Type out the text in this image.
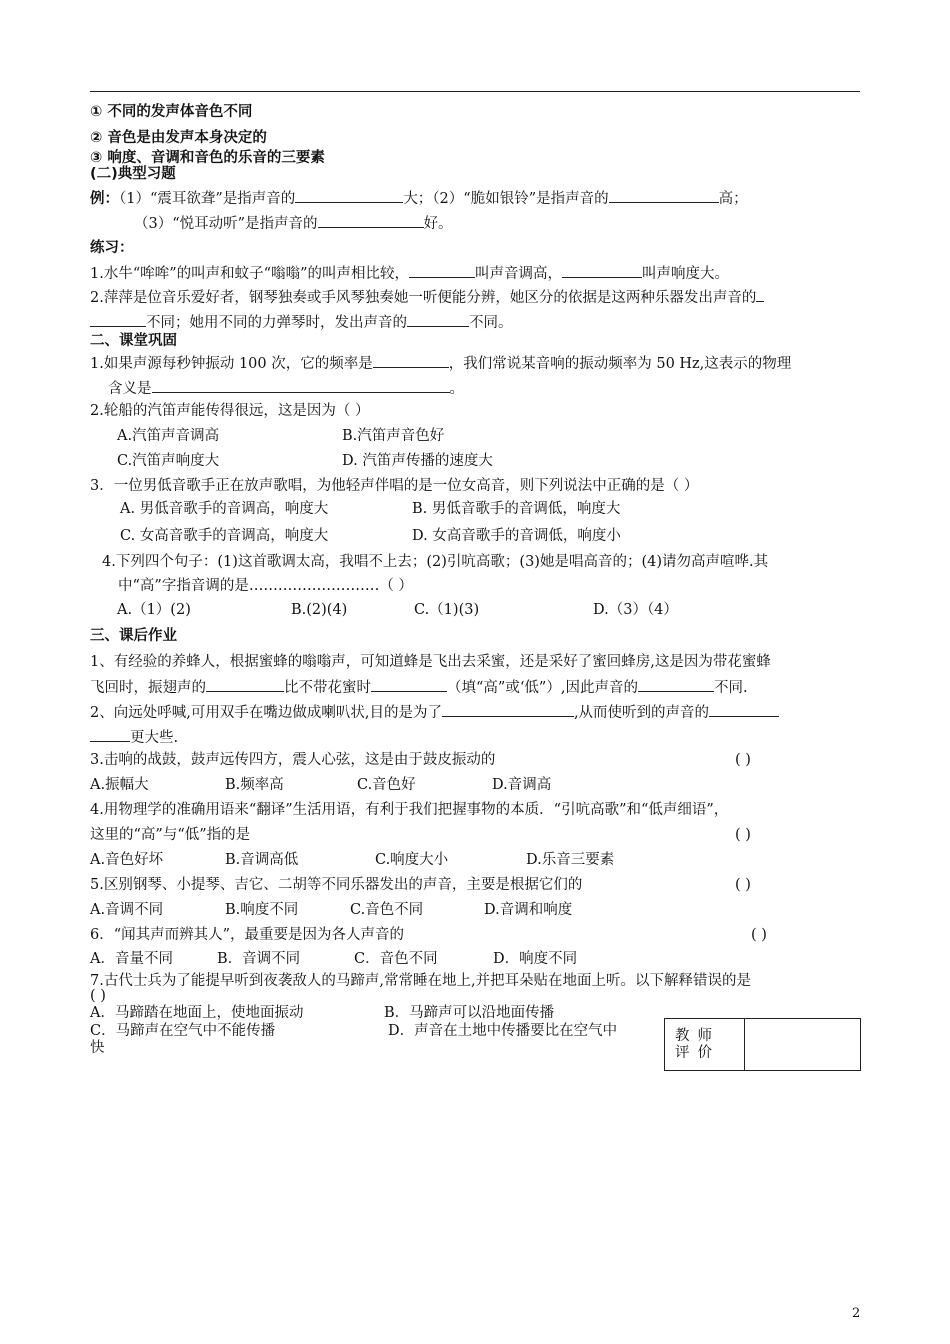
① 不同的发声体音色不同
② 音色是由发声本身决定的
③ 响度、音调和音色的乐音的三要素
(二)典型习题
例：（1）“震耳欲聋”是指声音的	大；（2）“脆如银铃”是指声音的	高；
（3）“悦耳动听”是指声音的	好。
练习：
1.水牛“哞哞”的叫声和蚊子“嗡嗡”的叫声相比较，	叫声音调高，	叫声响度大。
2.萍萍是位音乐爱好者，钢琴独奏或手风琴独奏她一听便能分辨，她区分的依据是这两种乐器发出声音的
不同；她用不同的力弹琴时，发出声音的	不同。
二、课堂巩固
1.如果声源每秒钟振动 100 次，它的频率是	，我们常说某音响的振动频率为 50 Hz,这表示的物理
含义是	。
2.轮船的汽笛声能传得很远，这是因为（ ）
A.汽笛声音调高	B.汽笛声音色好
C.汽笛声响度大	D. 汽笛声传播的速度大
3．一位男低音歌手正在放声歌唱，为他轻声伴唱的是一位女高音，则下列说法中正确的是（ ）
A. 男低音歌手的音调高，响度大	B. 男低音歌手的音调低，响度大
C. 女高音歌手的音调高，响度大	D. 女高音歌手的音调低，响度小
4.下列四个句子：(1)这首歌调太高，我唱不上去；(2)引吭高歌；(3)她是唱高音的；(4)请勿高声喧哗.其
中“高”字指音调的是………………………（ ）
A.（1）(2)	B.(2)(4)	C.（1)(3)	D.（3）（4）
三、课后作业
1、有经验的养蜂人，根据蜜蜂的嗡嗡声，可知道蜂是飞出去采蜜，还是采好了蜜回蜂房,这是因为带花蜜蜂
飞回时，振翅声的	比不带花蜜时	（填“高”或‘低”）,因此声音的	不同.
2、向远处呼喊,可用双手在嘴边做成喇叭状,目的是为了	,从而使听到的声音的
更大些.
3.击响的战鼓，鼓声远传四方，震人心弦，这是由于鼓皮振动的	( )
A.振幅大	B.频率高	C.音色好	D.音调高
4.用物理学的准确用语来“翻译”生活用语，有利于我们把握事物的本质．“引吭高歌”和“低声细语”，
这里的“高”与“低”指的是	( )
A.音色好坏	B.音调高低	C.响度大小	D.乐音三要素
5.区别钢琴、小提琴、吉它、二胡等不同乐器发出的声音，主要是根据它们的	( )
A.音调不同	B.响度不同	C.音色不同	D.音调和响度
6．“闻其声而辨其人”，最重要是因为各人声音的	( )
A．音量不同	B．音调不同	C．音色不同	D．响度不同
7.古代士兵为了能提早听到夜袭敌人的马蹄声,常常睡在地上,并把耳朵贴在地面上听。以下解释错误的是
( )
A．马蹄踏在地面上，使地面振动	B．马蹄声可以沿地面传播
C．马蹄声在空气中不能传播	D．声音在土地中传播要比在空气中
快
教师
评价
2
